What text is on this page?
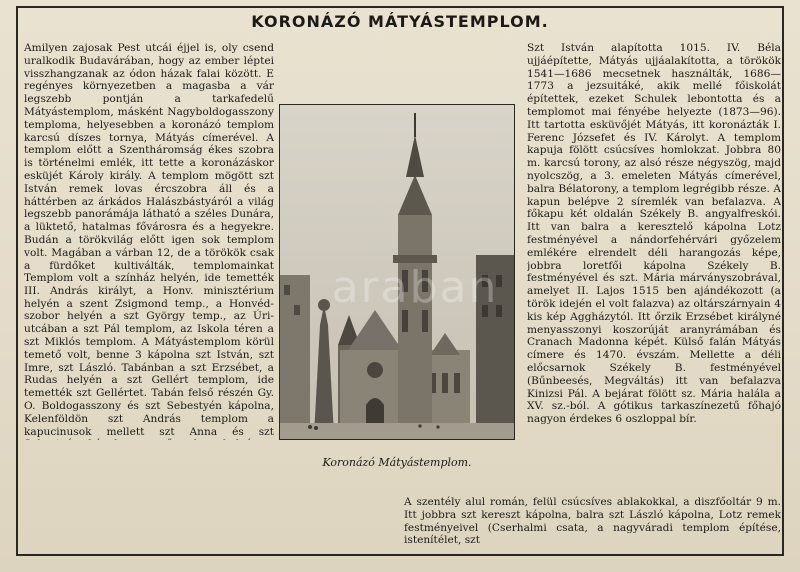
KORONÁZÓ MÁTYÁSTEMPLOM.

Amilyen zajosak Pest utcái éjjel is, oly csend uralkodik Budavárában, hogy az ember léptei visszhangzanak az ódon házak falai között. E regényes környezetben a magasba a vár legszebb pontján a tarkafedelű Mátyástemplom, másként Nagyboldogasszony temploma, helyesebben a koronázó templom karcsú díszes tornya, Mátyás címerével. A templom előtt a Szentháromság ékes szobra is történelmi emlék, itt tette a koronázáskor esküjét Károly király. A templom mögött szt István remek lovas ércszobra áll és a háttérben az árkádos Halászbástyáról a világ legszebb panorámája látható a széles Dunára, a lüktető, hatalmas fővárosra és a hegyekre. Budán a törökvilág előtt igen sok templom volt. Magában a várban 12, de a törökök csak a fürdőket kultiválták, templomainkat

Templom volt a színház helyén, ide temették III. András királyt, a Honv. minisztérium helyén a szent Zsigmond temp., a Honvéd-szobor helyén a szt György temp., az Úri-utcában a szt Pál templom, az Iskola téren a szt Miklós templom. A Mátyástemplom körül temető volt, benne 3 kápolna szt István, szt Imre, szt László. Tabánban a szt Erzsébet, a Rudas helyén a szt Gellért templom, ide temették szt Gellértet. Tabán felső részén Gy. O. Boldogasszony és szt Sebestyén kápolna, Kelenföldön szt András templom a kapucinusok mellett szt Anna és szt

araban
Koronázó Mátyástemplom.

Szt István alapította 1015. IV. Béla ujjáépítette, Mátyás ujjáalakította, a törökök 1541—1686 mecsetnek használták, 1686—1773 a jezsuitáké, akik mellé főiskolát építettek, ezeket Schulek lebontotta és a templomot mai fényébe helyezte (1873—96). Itt tartotta esküvőjét Mátyás, itt koronázták I. Ferenc Józsefet és IV. Károlyt. A templom kapuja fölött csúcsíves homlokzat. Jobbra 80 m. karcsú torony, az alsó része négyszög, majd nyolcszög, a 3. emeleten Mátyás címerével, balra Bélatorony, a templom legrégibb része. A kapun belépve 2 síremlék van befalazva. A főkapu két oldalán Székely B. angyalfreskói. Itt van balra a keresztelő kápolna Lotz festményével a nándorfehérvári győzelem emlékére elrendelt déli harangozás képe, jobbra loretfői kápolna Székely B. festményével és szt. Mária márványszobrával, amelyet II. Lajos 1515 ben ajándékozott (a török idején el volt falazva) az oltárszárnyain 4 kis kép Aggházytól. Itt őrzik Erzsébet királyné menyasszonyi koszorúját aranyrámában és Cranach Madonna képét. Külső falán Mátyás címere és 1470. évszám. Mellette a déli előcsarnok Székely B. festményével (Bűnbeesés, Megváltás) itt van befalazva Kinizsi Pál. A bejárat fölött sz. Mária halála a XV. sz.-ból. A gótikus tarkaszínezetű főhajó nagyon érdekes 6 oszloppal bír.

A szentély alul román, felül csúcsíves ablakokkal, a diszfőoltár 9 m. Itt jobbra szt kereszt kápolna, balra szt László kápolna, Lotz remek festményeivel (Cserhalmi csata, a nagyváradi templom építése, istenítélet, szt
